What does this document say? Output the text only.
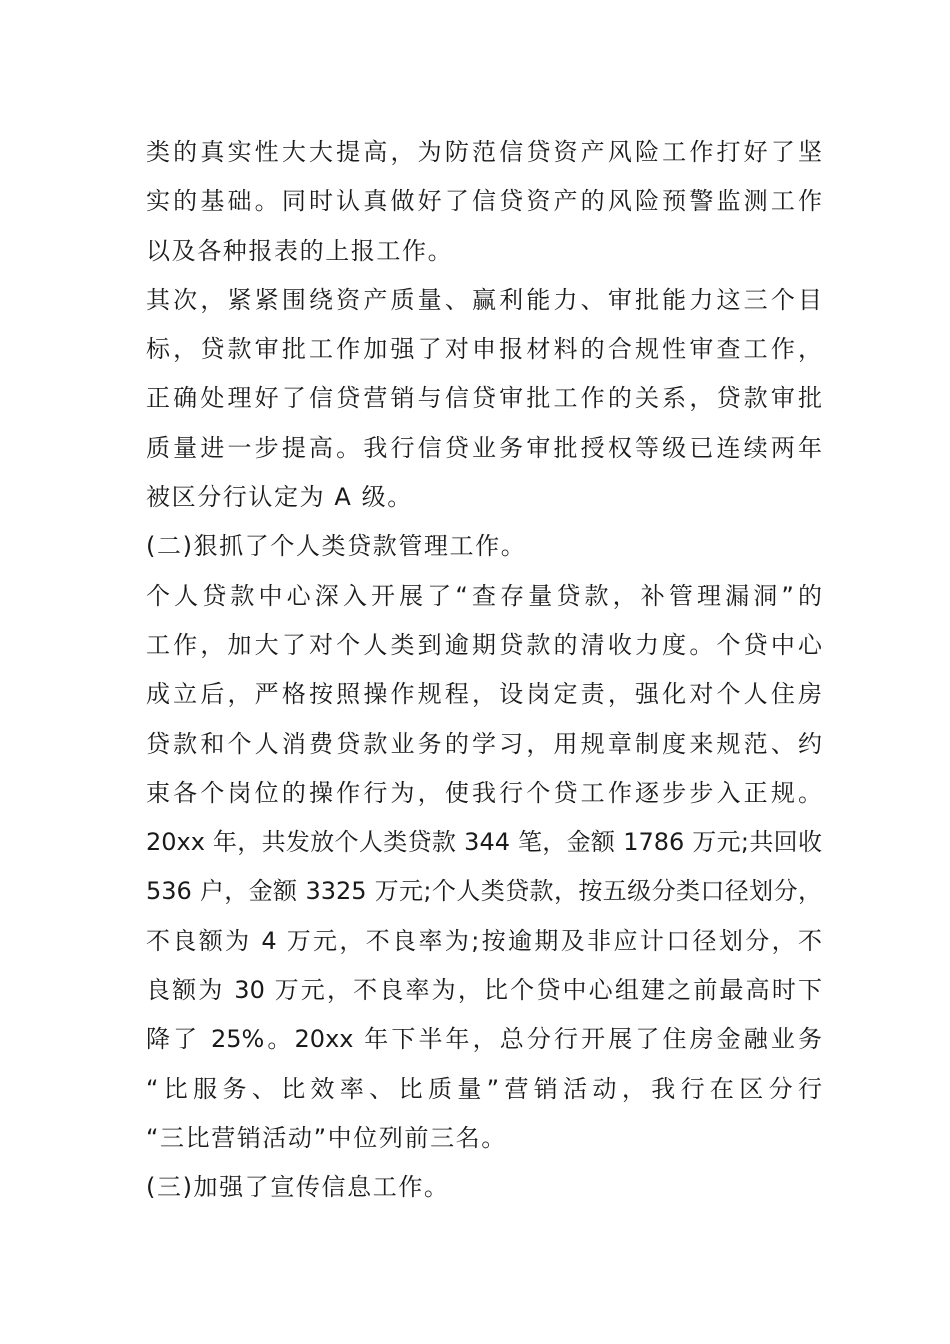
类的真实性大大提高，为防范信贷资产风险工作打好了坚
实的基础。同时认真做好了信贷资产的风险预警监测工作
以及各种报表的上报工作。
其次，紧紧围绕资产质量、赢利能力、审批能力这三个目
标，贷款审批工作加强了对申报材料的合规性审查工作，
正确处理好了信贷营销与信贷审批工作的关系，贷款审批
质量进一步提高。我行信贷业务审批授权等级已连续两年
被区分行认定为 A 级。
(二)狠抓了个人类贷款管理工作。
个人贷款中心深入开展了“查存量贷款，补管理漏洞”的
工作，加大了对个人类到逾期贷款的清收力度。个贷中心
成立后，严格按照操作规程，设岗定责，强化对个人住房
贷款和个人消费贷款业务的学习，用规章制度来规范、约
束各个岗位的操作行为，使我行个贷工作逐步步入正规。
20xx 年，共发放个人类贷款 344 笔，金额 1786 万元;共回收
536 户，金额 3325 万元;个人类贷款，按五级分类口径划分，
不良额为 4 万元，不良率为;按逾期及非应计口径划分，不
良额为 30 万元，不良率为，比个贷中心组建之前最高时下
降了 25%。20xx 年下半年，总分行开展了住房金融业务
“比服务、比效率、比质量”营销活动，我行在区分行
“三比营销活动”中位列前三名。
(三)加强了宣传信息工作。
